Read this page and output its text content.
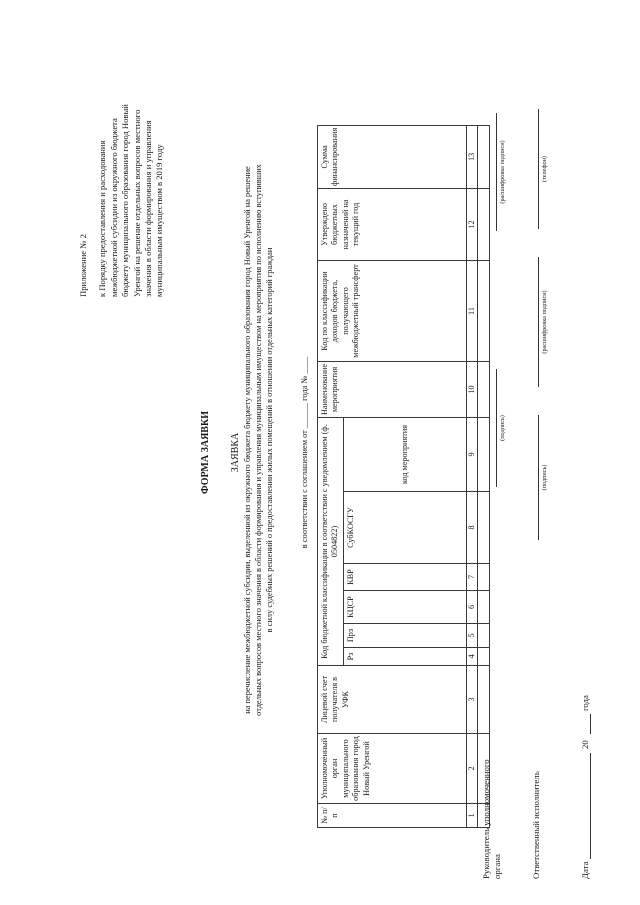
Приложение № 2 к Порядку предоставления и расходования межбюджетной субсидии из окружного бюджета бюджету муниципального образования город Новый Уренгой на решение отдельных вопросов местного значения в области формирования и управления муниципальным имуществом в 2019 году
ФОРМА ЗАЯВКИ ЗАЯВКА на перечисление межбюджетной субсидии, выделенной из окружного бюджета бюджету муниципального образования город Новый Уренгой на решение отдельных вопросов местного значения в области формирования и управления муниципальным имуществом на мероприятия по исполнению вступивших в силу судебных решений о предоставлении жилых помещений в отношении отдельных категорий граждан	в соответствии с соглашением от ______ года № ____
№ п/п	Уполномоченный орган муниципального образования город Новый Уренгой	Лицевой счет получателя в УФК	Код бюджетной классификации в соответствии с уведомлением (ф. 0504822)						Наименование мероприятия	Код по классификации доходов бюджета, получающего межбюджетный трансферт	Утверждено бюджетных назначений на текущий год	Сумма финансирования
			Рз	Прз	КЦСР	КВР	СубКОСГУ	код мероприятия				
1	2	3	4	5	6	7	8	9	10	11	12	13

Руководитель уполномоченного органа
(подпись)
(расшифровка подписи)
Ответственный исполнитель
(подпись)
(расшифровка подписи)
(телефон)
Дата
20
года
